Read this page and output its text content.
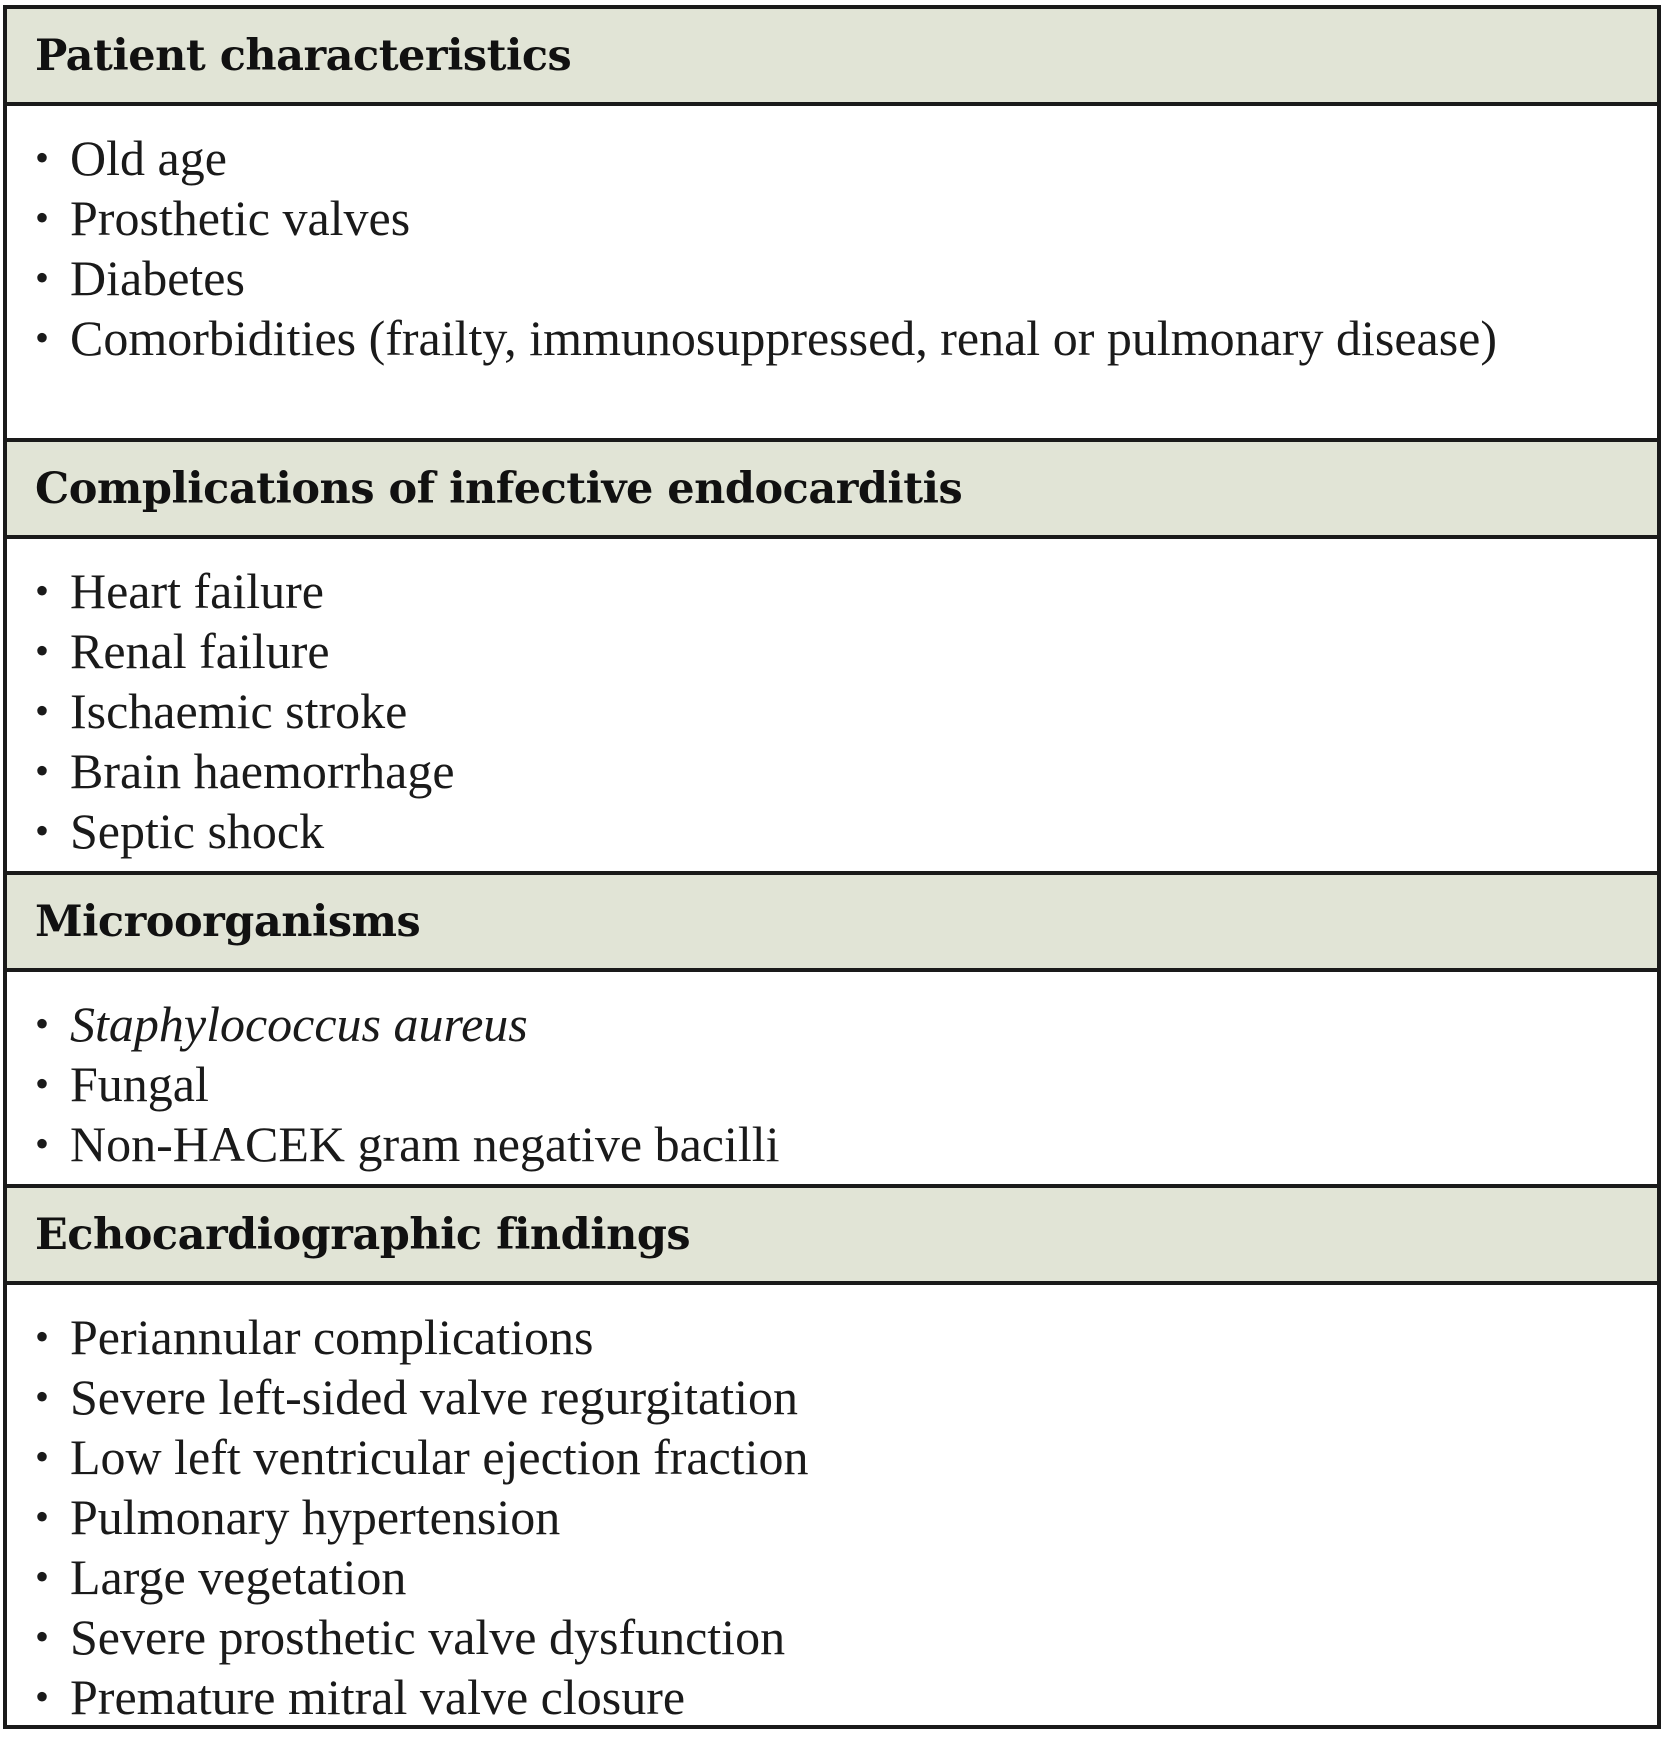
Patient characteristics
• Old age
• Prosthetic valves
• Diabetes
• Comorbidities (frailty, immunosuppressed, renal or pulmonary disease)
Complications of infective endocarditis
• Heart failure
• Renal failure
• Ischaemic stroke
• Brain haemorrhage
• Septic shock
Microorganisms
• Staphylococcus aureus
• Fungal
• Non-HACEK gram negative bacilli
Echocardiographic findings
• Periannular complications
• Severe left-sided valve regurgitation
• Low left ventricular ejection fraction
• Pulmonary hypertension
• Large vegetation
• Severe prosthetic valve dysfunction
• Premature mitral valve closure
